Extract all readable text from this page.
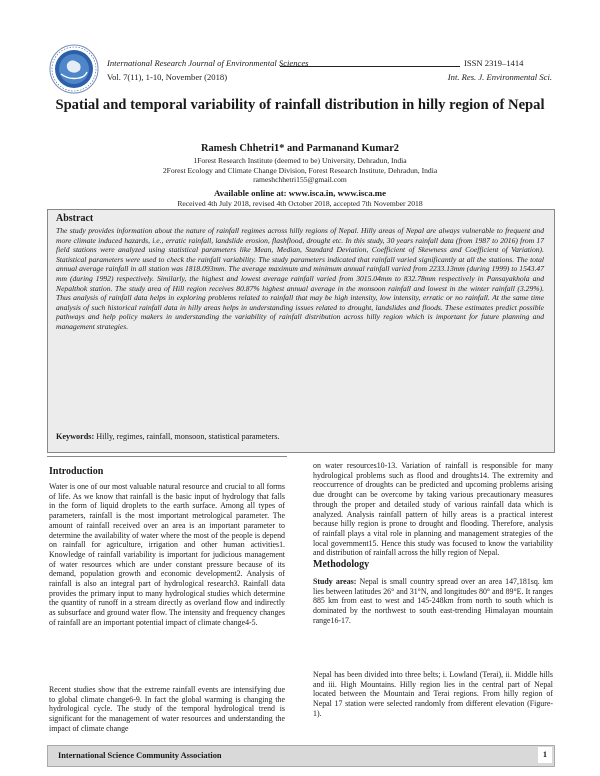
International Research Journal of Environmental Sciences	ISSN 2319–1414
Vol. 7(11), 1-10, November (2018)	Int. Res. J. Environmental Sci.
Spatial and temporal variability of rainfall distribution in hilly region of Nepal
Ramesh Chhetri1* and Parmanand Kumar2
1Forest Research Institute (deemed to be) University, Dehradun, India
2Forest Ecology and Climate Change Division, Forest Research Institute, Dehradun, India
rameshchhetri155@gmail.com
Available online at: www.isca.in, www.isca.me
Received 4th July 2018, revised 4th October 2018, accepted 7th November 2018
Abstract
The study provides information about the nature of rainfall regimes across hilly regions of Nepal. Hilly areas of Nepal are always vulnerable to frequent and more climate induced hazards, i.e., erratic rainfall, landslide erosion, flashflood, drought etc. In this study, 30 years rainfall data (from 1987 to 2016) from 17 field stations were analyzed using statistical parameters like Mean, Median, Standard Deviation, Coefficient of Skewness and Coefficient of Variation). Statistical parameters were used to check the rainfall variability. The study parameters indicated that rainfall varied significantly at all the stations. The total annual average rainfall in all station was 1818.093mm. The average maximum and minimum annual rainfall varied from 2233.13mm (during 1999) to 1543.47 mm (during 1992) respectively. Similarly, the highest and lowest average rainfall varied from 3015.04mm to 832.78mm respectively in Pansayakhola and Nepalthok station. The study area of Hill region receives 80.87% highest annual average in the monsoon rainfall and lowest in the winter rainfall (3.29%). Thus analysis of rainfall data helps in exploring problems related to rainfall that may be high intensity, low intensity, erratic or no rainfall. At the same time analysis of such historical rainfall data in hilly areas helps in understanding issues related to drought, landslides and floods. These estimates predict possible pathways and help policy makers in understanding the variability of rainfall distribution across hilly region which is important for future planning and management strategies.
Keywords: Hilly, regimes, rainfall, monsoon, statistical parameters.
Introduction
Water is one of our most valuable natural resource and crucial to all forms of life. As we know that rainfall is the basic input of hydrology that falls in the form of liquid droplets to the earth surface. Among all types of parameters, rainfall is the most important metrological parameter. The amount of rainfall received over an area is an important parameter to determine the availability of water where the most of the people is depend on rainfall for agriculture, irrigation and other human activities1. Knowledge of rainfall variability is important for judicious management of water resources which are under constant pressure because of its demand, population growth and economic development2. Analysis of rainfall is also an integral part of hydrological research3. Rainfall data provides the primary input to many hydrological studies which determine the quantity of runoff in a stream directly as overland flow and indirectly as subsurface and ground water flow. The intensity and frequency changes of rainfall are an important potential impact of climate change4-5.
Recent studies show that the extreme rainfall events are intensifying due to global climate change6-9. In fact the global warming is changing the hydrological cycle. The study of the temporal hydrological trend is significant for the management of water resources and understanding the impact of climate change
on water resources10-13. Variation of rainfall is responsible for many hydrological problems such as flood and droughts14. The extremity and reoccurrence of droughts can be predicted and upcoming problems arising due drought can be overcome by taking various precautionary measures through the proper and detailed study of various rainfall data which is analyzed. Analysis rainfall pattern of hilly areas is a practical interest because hilly region is prone to drought and flooding. Therefore, analysis of rainfall plays a vital role in planning and management strategies of the local government15. Hence this study was focused to know the variability and distribution of rainfall across the hilly region of Nepal.
Methodology
Study areas: Nepal is small country spread over an area 147,181sq. km lies between latitudes 26° and 31°N, and longitudes 80° and 89°E. It ranges 885 km from east to west and 145-248km from north to south which is dominated by the northwest to south east-trending Himalayan mountain range16-17.
Nepal has been divided into three belts; i. Lowland (Terai), ii. Middle hills and iii. High Mountains. Hilly region lies in the central part of Nepal located between the Mountain and Terai regions. From hilly region of Nepal 17 station were selected randomly from different elevation (Figure-1).
International Science Community Association	1
